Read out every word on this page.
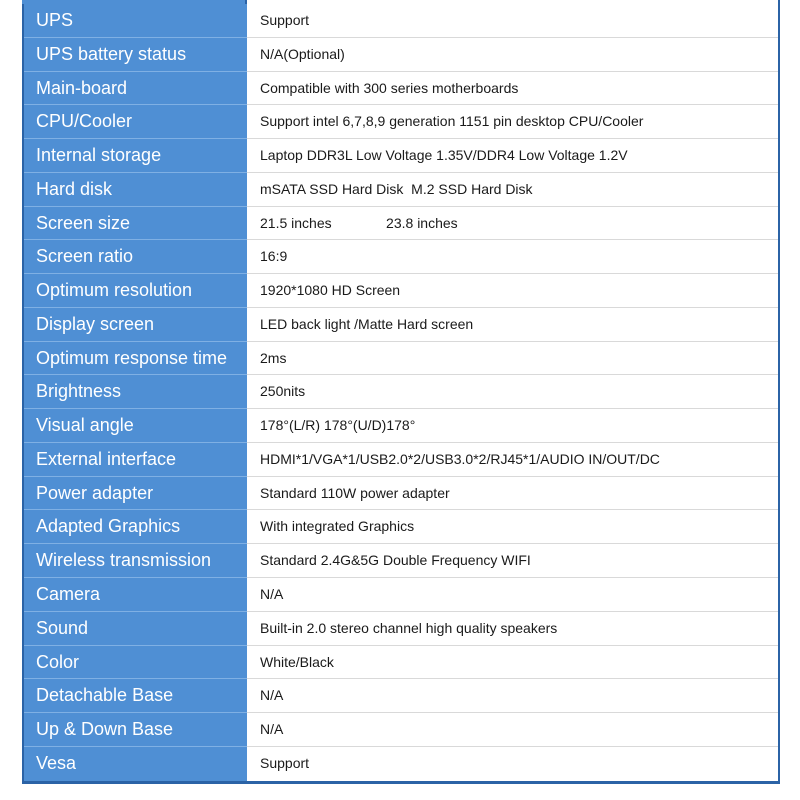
UPS	Support
UPS battery status	N/A(Optional)
Main-board	Compatible with 300 series motherboards
CPU/Cooler	Support intel 6,7,8,9 generation 1151 pin desktop CPU/Cooler
Internal storage	Laptop DDR3L Low Voltage 1.35V/DDR4 Low Voltage 1.2V
Hard disk	mSATA SSD Hard Disk  M.2 SSD Hard Disk
Screen size	21.5 inches              23.8 inches
Screen ratio	16:9
Optimum resolution	1920*1080 HD Screen
Display screen	LED back light /Matte Hard screen
Optimum response time	2ms
Brightness	250nits
Visual angle	178°(L/R) 178°(U/D)178°
External interface	HDMI*1/VGA*1/USB2.0*2/USB3.0*2/RJ45*1/AUDIO IN/OUT/DC
Power adapter	Standard 110W power adapter
Adapted Graphics	With integrated Graphics
Wireless transmission	Standard 2.4G&5G Double Frequency WIFI
Camera	N/A
Sound	Built-in 2.0 stereo channel high quality speakers
Color	White/Black
Detachable Base	N/A
Up & Down Base	N/A
Vesa	Support
